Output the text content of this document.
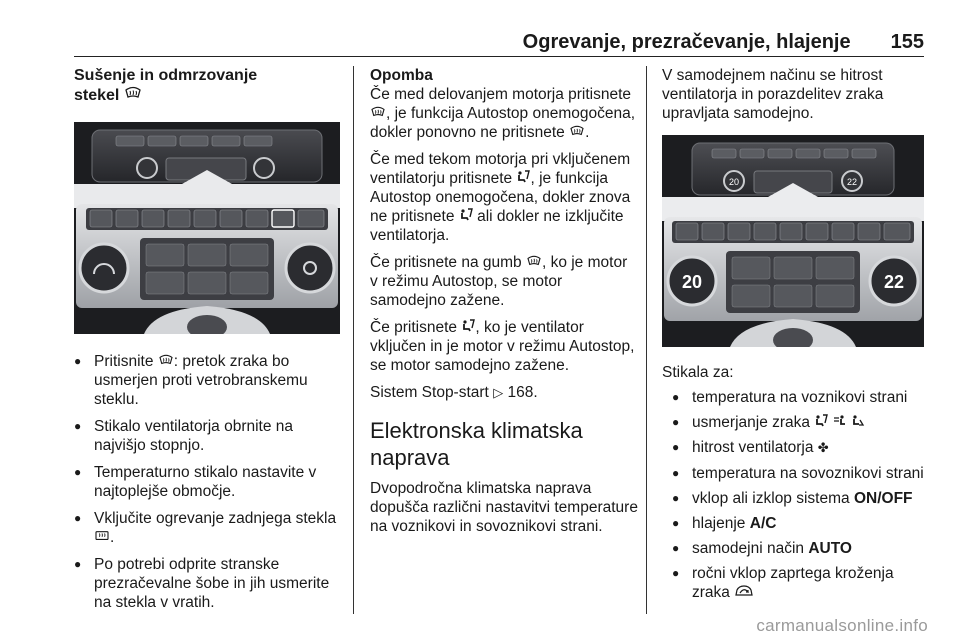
Ogrevanje, prezračevanje, hlajenje 155
Sušenje in odmrzovanje
stekel
● Pritisnite : pretok zraka bo usmerjen proti vetrobranskemu steklu.
● Stikalo ventilatorja obrnite na najvišjo stopnjo.
● Temperaturno stikalo nastavite v najtoplejše območje.
● Vključite ogrevanje zadnjega stekla .
● Po potrebi odprite stranske prezračevalne šobe in jih usmerite na stekla v vratih.
Opomba

Če med delovanjem motorja pritisnete , je funkcija Autostop onemogočena, dokler ponovno ne pritisnete .

Če med tekom motorja pri vključenem ventilatorju pritisnete , je funkcija Autostop onemogočena, dokler znova ne pritisnete  ali dokler ne izključite ventilatorja.

Če pritisnete na gumb , ko je motor v režimu Autostop, se motor samodejno zažene.

Če pritisnete , ko je ventilator vključen in je motor v režimu Autostop, se motor samodejno zažene.

Sistem Stop-start ▷ 168.

Elektronska klimatska
naprava

Dvopodročna klimatska naprava dopušča različni nastavitvi temperature na voznikovi in sovoznikovi strani.

V samodejnem načinu se hitrost ventilatorja in porazdelitev zraka upravljata samodejno.

20	22
20	22

Stikala za:

● temperatura na voznikovi strani
● usmerjanje zraka
● hitrost ventilatorja ✤
● temperatura na sovoznikovi strani
● vklop ali izklop sistema ON/OFF
● hlajenje A/C
● samodejni način AUTO
● ročni vklop zaprtega kroženja zraka
carmanualsonline.info
